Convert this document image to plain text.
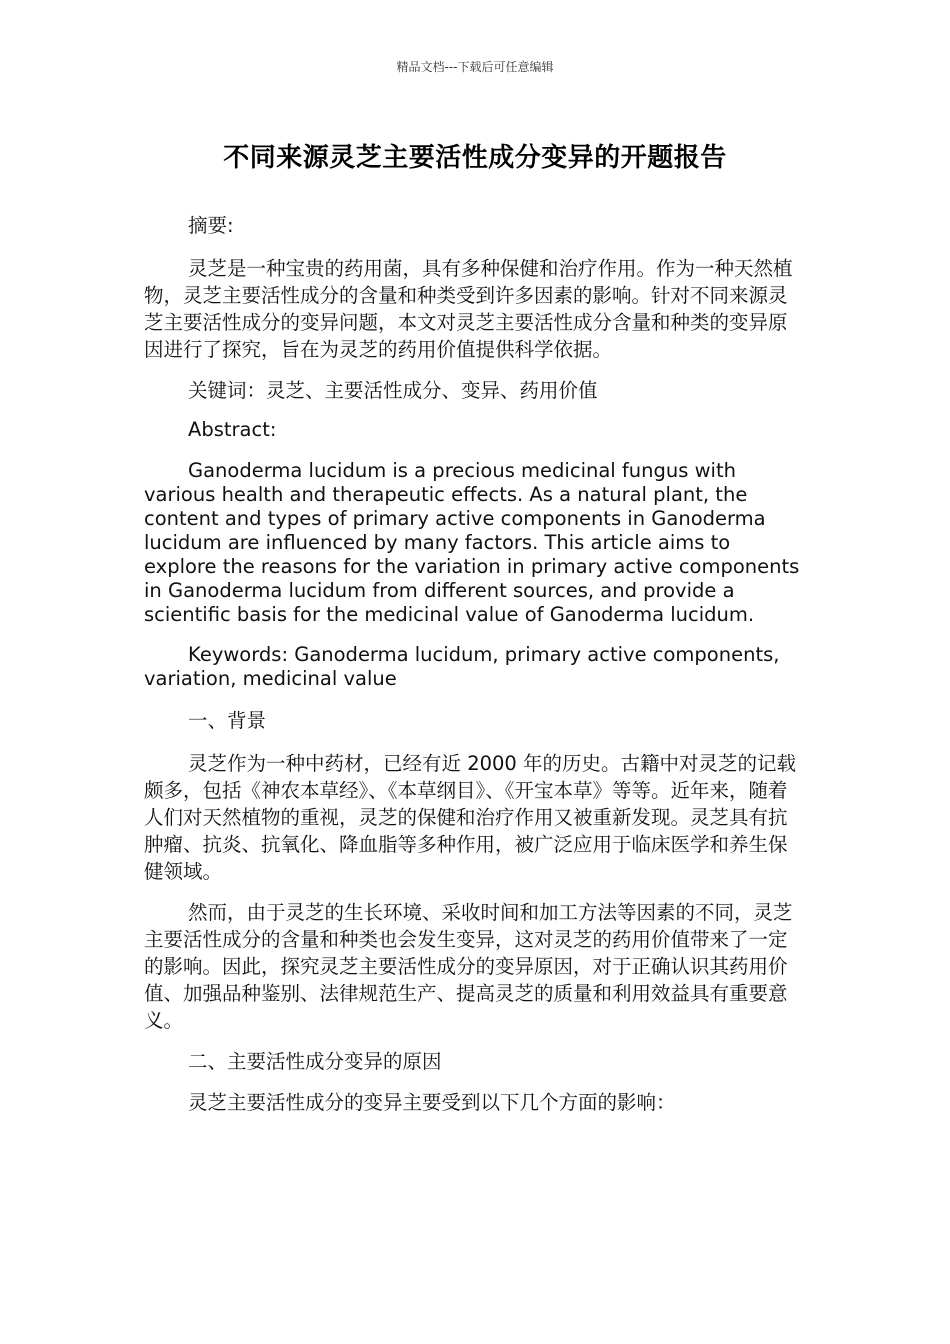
精品文档---下载后可任意编辑
不同来源灵芝主要活性成分变异的开题报告

摘要:

灵芝是一种宝贵的药用菌，具有多种保健和治疗作用。作为一种天然植物，灵芝主要活性成分的含量和种类受到许多因素的影响。针对不同来源灵芝主要活性成分的变异问题，本文对灵芝主要活性成分含量和种类的变异原因进行了探究，旨在为灵芝的药用价值提供科学依据。

关键词：灵芝、主要活性成分、变异、药用价值

Abstract:

Ganoderma lucidum is a precious medicinal fungus with various health and therapeutic effects. As a natural plant, the content and types of primary active components in Ganoderma lucidum are influenced by many factors. This article aims to explore the reasons for the variation in primary active components in Ganoderma lucidum from different sources, and provide a scientific basis for the medicinal value of Ganoderma lucidum.

Keywords: Ganoderma lucidum, primary active components, variation, medicinal value

一、背景

灵芝作为一种中药材，已经有近 2000 年的历史。古籍中对灵芝的记载颇多，包括《神农本草经》、《本草纲目》、《开宝本草》等等。近年来，随着人们对天然植物的重视，灵芝的保健和治疗作用又被重新发现。灵芝具有抗肿瘤、抗炎、抗氧化、降血脂等多种作用，被广泛应用于临床医学和养生保健领域。

然而，由于灵芝的生长环境、采收时间和加工方法等因素的不同，灵芝主要活性成分的含量和种类也会发生变异，这对灵芝的药用价值带来了一定的影响。因此，探究灵芝主要活性成分的变异原因，对于正确认识其药用价值、加强品种鉴别、法律规范生产、提高灵芝的质量和利用效益具有重要意义。

二、主要活性成分变异的原因

灵芝主要活性成分的变异主要受到以下几个方面的影响：
